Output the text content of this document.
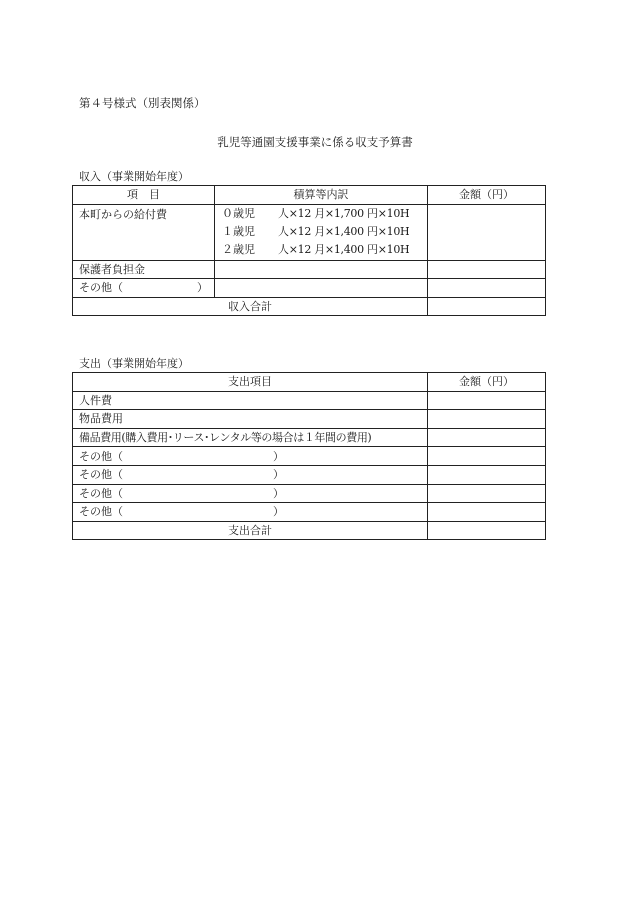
第４号様式（別表関係）
乳児等通園支援事業に係る収支予算書
収入（事業開始年度）
項　目	積算等内訳	金額（円）
本町からの給付費	０歳児 人×12 月×1,700 円×10H
１歳児 人×12 月×1,400 円×10H
２歳児 人×12 月×1,400 円×10H	

保護者負担金		
その他（ ）		
収入合計		
支出（事業開始年度）
支出項目	金額（円）
人件費	
物品費用	
備品費用(購入費用･リース･レンタル等の場合は１年間の費用)	
その他（ ）	
その他（ ）	
その他（ ）	
その他（ ）	
支出合計	
